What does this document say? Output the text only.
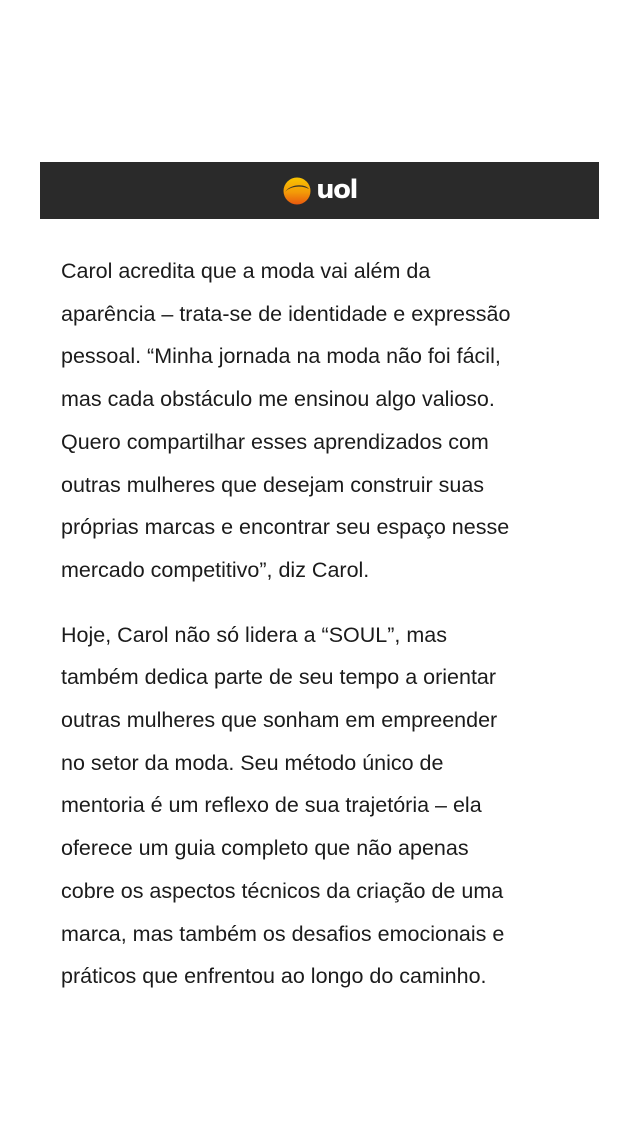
uol

Carol acredita que a moda vai além da
aparência – trata-se de identidade e expressão
pessoal. “Minha jornada na moda não foi fácil,
mas cada obstáculo me ensinou algo valioso.
Quero compartilhar esses aprendizados com
outras mulheres que desejam construir suas
próprias marcas e encontrar seu espaço nesse
mercado competitivo”, diz Carol.

Hoje, Carol não só lidera a “SOUL”, mas
também dedica parte de seu tempo a orientar
outras mulheres que sonham em empreender
no setor da moda. Seu método único de
mentoria é um reflexo de sua trajetória – ela
oferece um guia completo que não apenas
cobre os aspectos técnicos da criação de uma
marca, mas também os desafios emocionais e
práticos que enfrentou ao longo do caminho.
